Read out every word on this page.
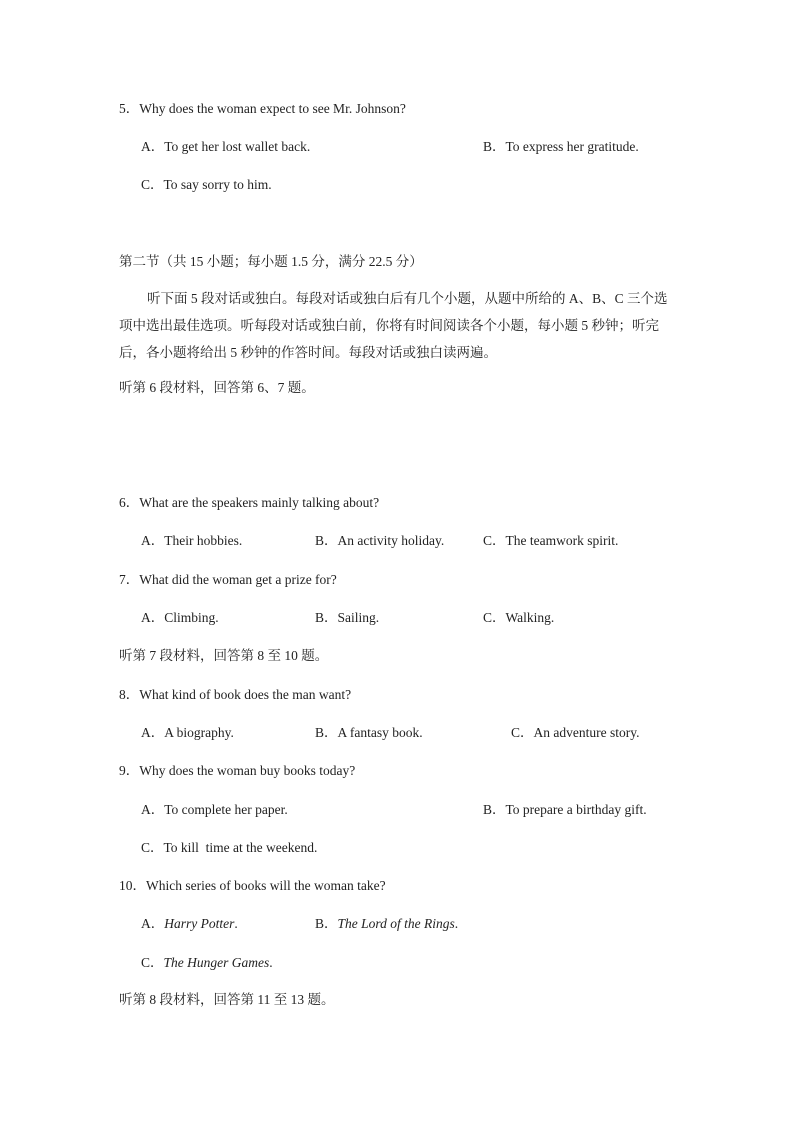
5．Why does the woman expect to see Mr. Johnson?
A．To get her lost wallet back.	B．To express her gratitude.
C．To say sorry to him.
第二节（共 15 小题；每小题 1.5 分，满分 22.5 分）
听下面 5 段对话或独白。每段对话或独白后有几个小题，从题中所给的 A、B、C 三个选项中选出最佳选项。听每段对话或独白前，你将有时间阅读各个小题，每小题 5 秒钟；听完后，各小题将给出 5 秒钟的作答时间。每段对话或独白读两遍。
听第 6 段材料，回答第 6、7 题。
6．What are the speakers mainly talking about?
A．Their hobbies.	B．An activity holiday.	C．The teamwork spirit.
7．What did the woman get a prize for?
A．Climbing.	B．Sailing.	C．Walking.
听第 7 段材料，回答第 8 至 10 题。
8．What kind of book does the man want?
A．A biography.	B．A fantasy book.	C．An adventure story.
9．Why does the woman buy books today?
A．To complete her paper.	B．To prepare a birthday gift.
C．To kill  time at the weekend.
10．Which series of books will the woman take?
A．Harry Potter.	B．The Lord of the Rings.
C．The Hunger Games.
听第 8 段材料，回答第 11 至 13 题。
